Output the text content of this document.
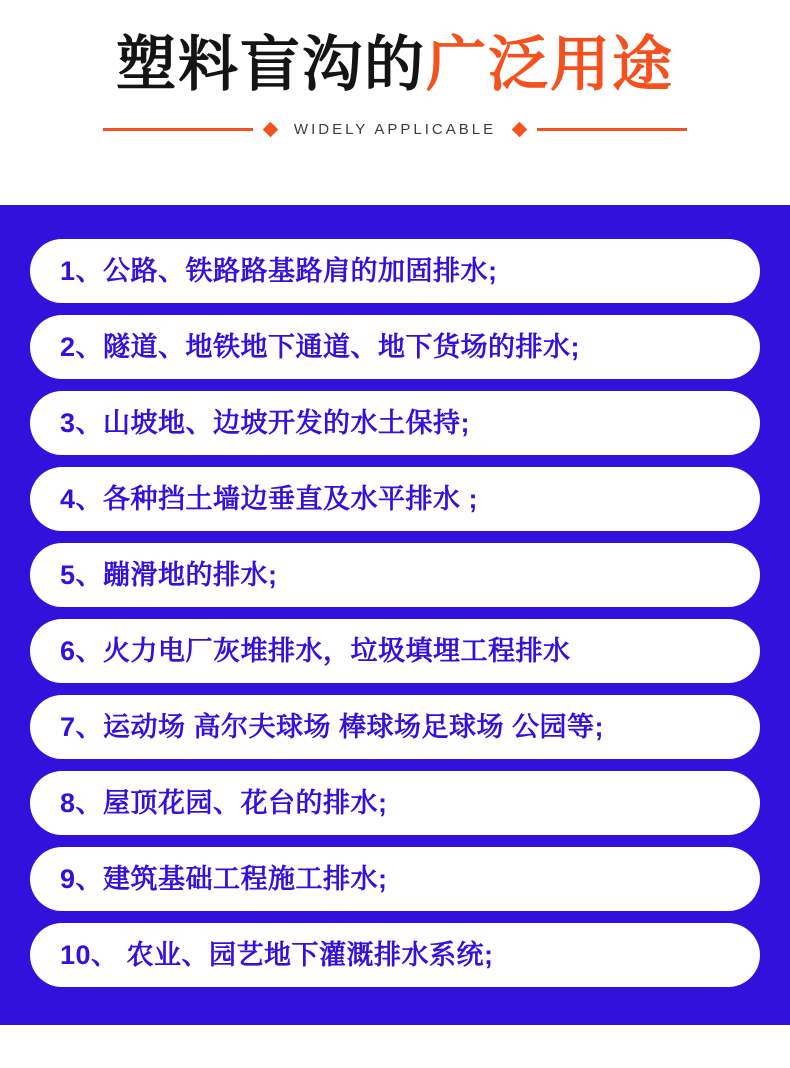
塑料盲沟的广泛用途
WIDELY APPLICABLE
1、公路、铁路路基路肩的加固排水;
2、隧道、地铁地下通道、地下货场的排水;
3、山坡地、边坡开发的水土保持;
4、各种挡土墙边垂直及水平排水 ;
5、蹦滑地的排水;
6、火力电厂灰堆排水，垃圾填埋工程排水
7、运动场 高尔夫球场 棒球场足球场 公园等;
8、屋顶花园、花台的排水;
9、建筑基础工程施工排水;
10、 农业、园艺地下灌溉排水系统;
